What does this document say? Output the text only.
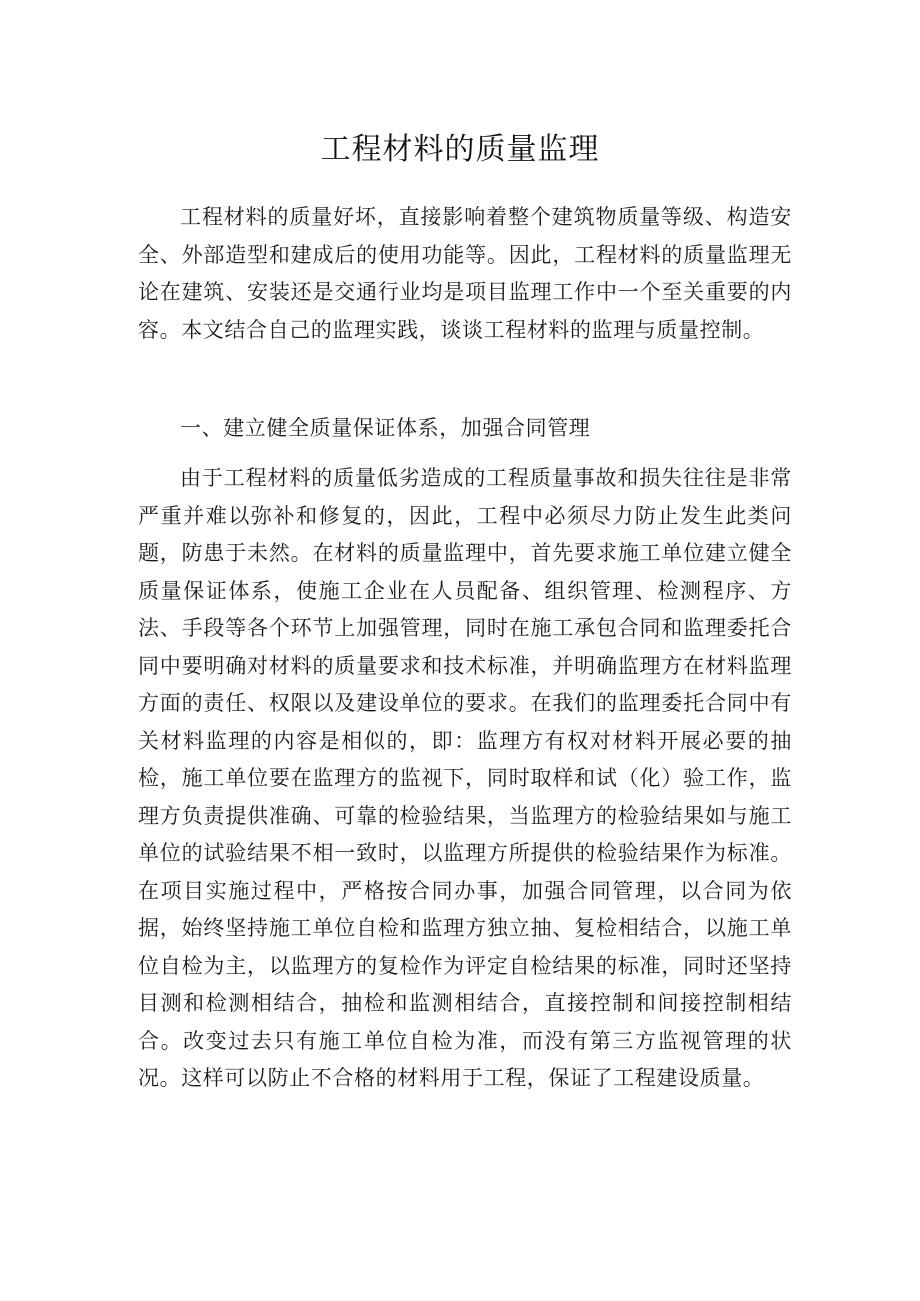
工程材料的质量监理

工程材料的质量好坏，直接影响着整个建筑物质量等级、构造安全、外部造型和建成后的使用功能等。因此，工程材料的质量监理无论在建筑、安装还是交通行业均是项目监理工作中一个至关重要的内容。本文结合自己的监理实践，谈谈工程材料的监理与质量控制。

一、建立健全质量保证体系，加强合同管理

由于工程材料的质量低劣造成的工程质量事故和损失往往是非常严重并难以弥补和修复的，因此，工程中必须尽力防止发生此类问题，防患于未然。在材料的质量监理中，首先要求施工单位建立健全质量保证体系，使施工企业在人员配备、组织管理、检测程序、方法、手段等各个环节上加强管理，同时在施工承包合同和监理委托合同中要明确对材料的质量要求和技术标准，并明确监理方在材料监理方面的责任、权限以及建设单位的要求。在我们的监理委托合同中有关材料监理的内容是相似的，即：监理方有权对材料开展必要的抽检，施工单位要在监理方的监视下，同时取样和试（化）验工作，监理方负责提供准确、可靠的检验结果，当监理方的检验结果如与施工单位的试验结果不相一致时，以监理方所提供的检验结果作为标准。在项目实施过程中，严格按合同办事，加强合同管理，以合同为依据，始终坚持施工单位自检和监理方独立抽、复检相结合，以施工单位自检为主，以监理方的复检作为评定自检结果的标准，同时还坚持目测和检测相结合，抽检和监测相结合，直接控制和间接控制相结合。改变过去只有施工单位自检为准，而没有第三方监视管理的状况。这样可以防止不合格的材料用于工程，保证了工程建设质量。
